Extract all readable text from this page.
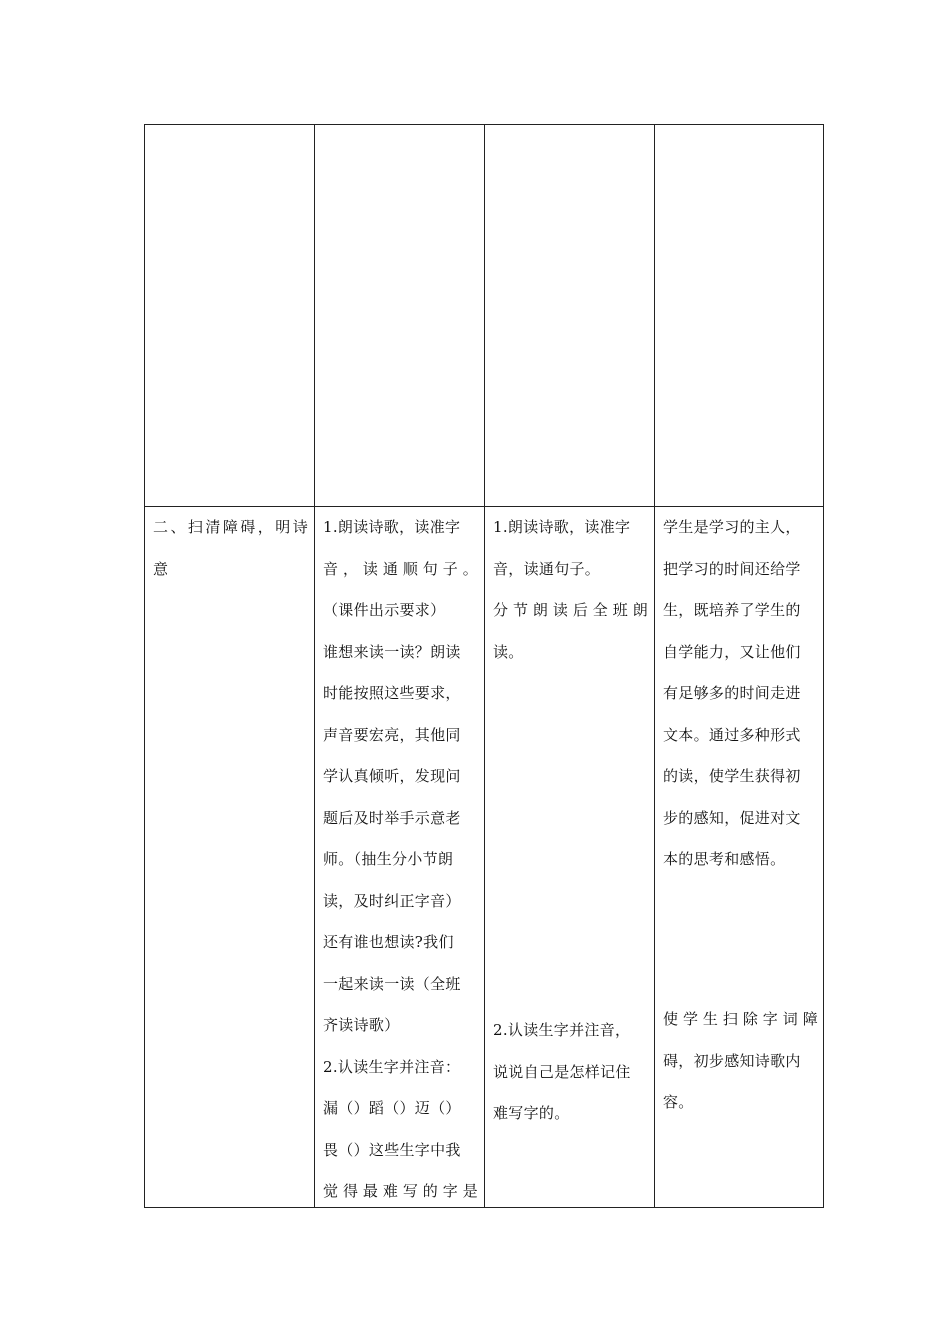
二、扫清障碍，明诗
意
1.朗读诗歌，读准字
音，读通顺句子。
（课件出示要求）
谁想来读一读？朗读
时能按照这些要求，
声音要宏亮，其他同
学认真倾听，发现问
题后及时举手示意老
师。（抽生分小节朗
读，及时纠正字音）
还有谁也想读?我们
一起来读一读（全班
齐读诗歌）
2.认读生字并注音：
漏（）蹈（）迈（）
畏（）这些生字中我
觉得最难写的字是
1.朗读诗歌，读准字
音，读通句子。
分节朗读后全班朗
读。
2.认读生字并注音，
说说自己是怎样记住
难写字的。
学生是学习的主人，
把学习的时间还给学
生，既培养了学生的
自学能力，又让他们
有足够多的时间走进
文本。通过多种形式
的读，使学生获得初
步的感知，促进对文
本的思考和感悟。
使学生扫除字词障
碍，初步感知诗歌内
容。
